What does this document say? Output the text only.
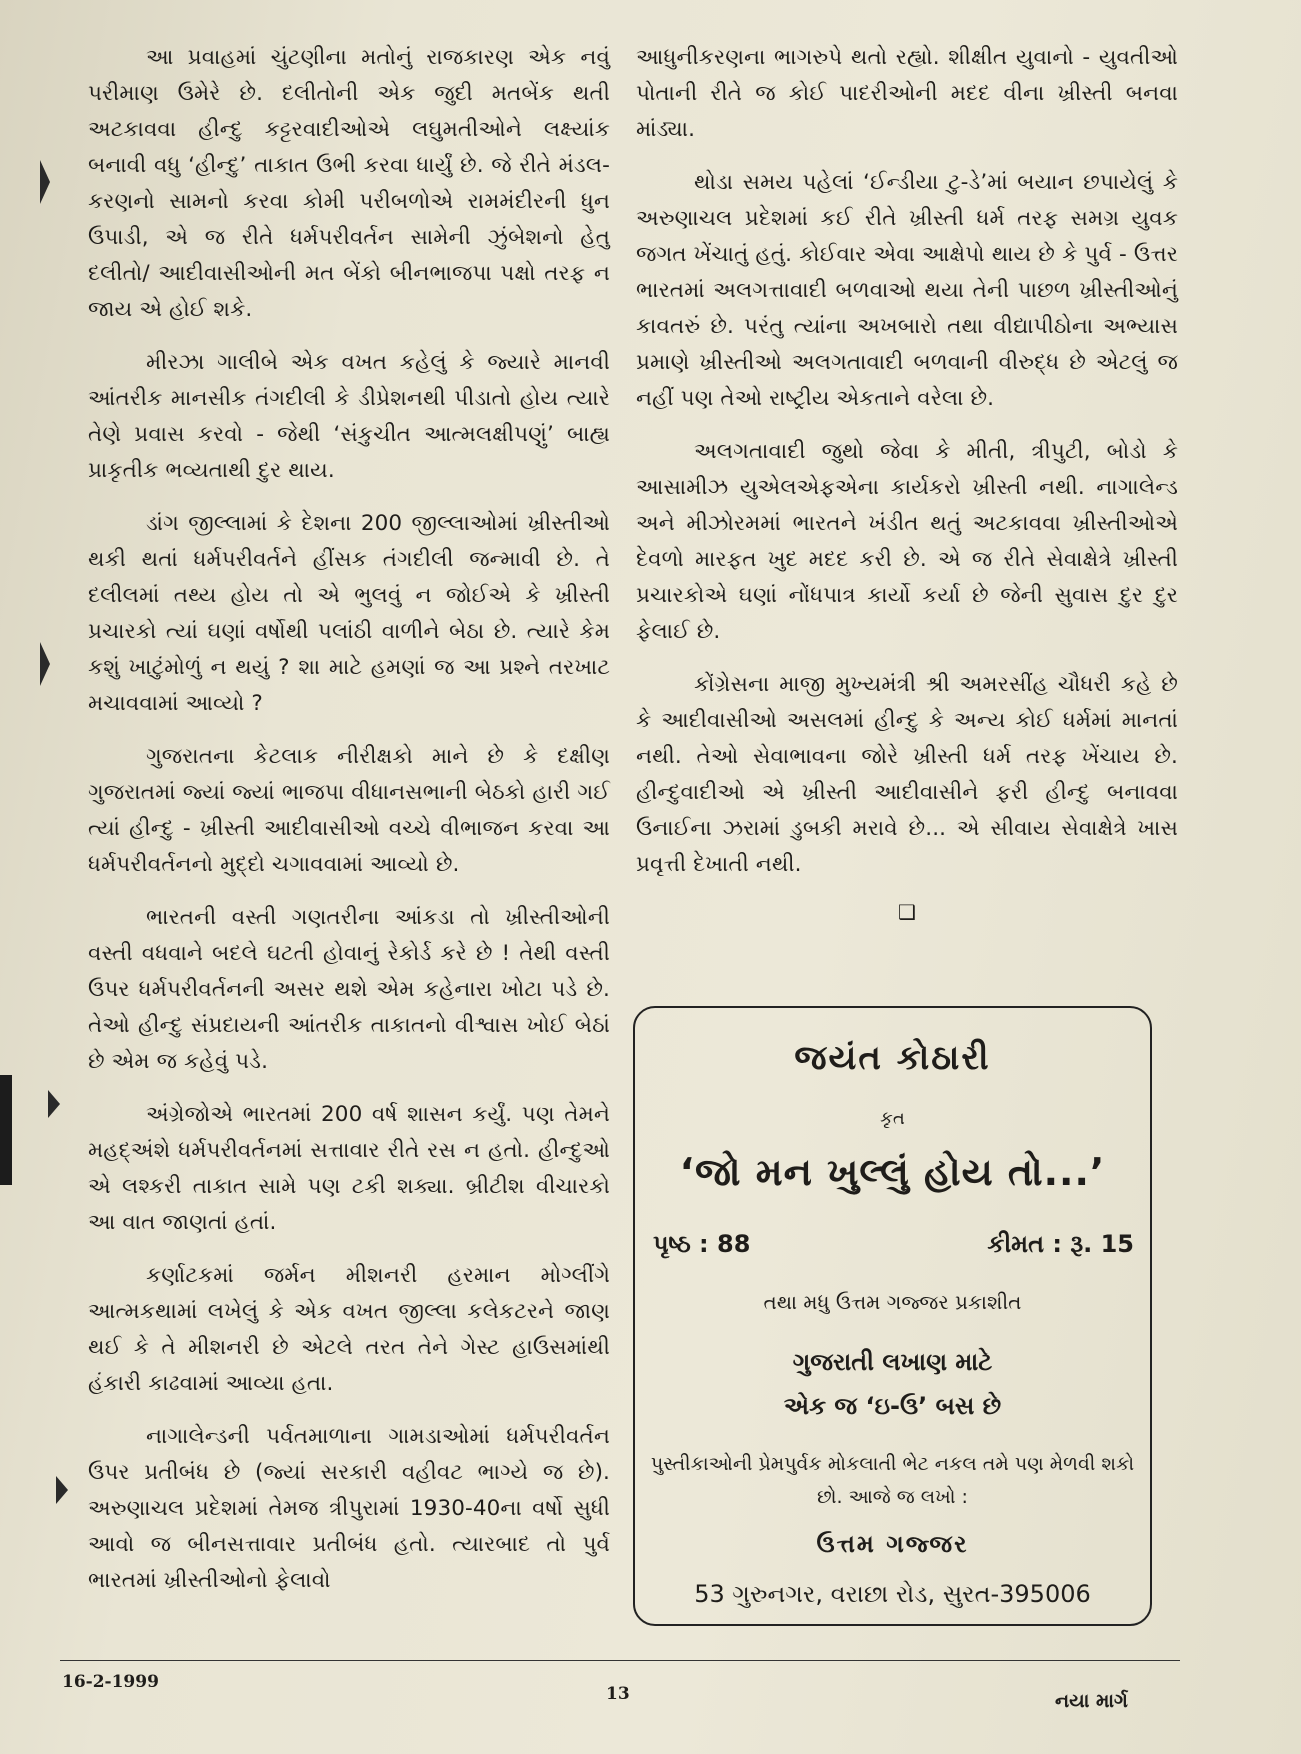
આ પ્રવાહમાં ચુંટણીના મતોનું રાજકારણ એક નવું પરીમાણ ઉમેરે છે. દલીતોની એક જુદી મતબેંક થતી અટકાવવા હીન્દુ કટ્ટરવાદીઓએ લઘુમતીઓને લક્ષ્યાંક બનાવી વધુ ‘હીન્દુ’ તાકાત ઉભી કરવા ધાર્યું છે. જે રીતે મંડલ-કરણનો સામનો કરવા કોમી પરીબળોએ રામમંદીરની ધુન ઉપાડી, એ જ રીતે ધર્મપરીવર્તન સામેની ઝુંબેશનો હેતુ દલીતો/ આદીવાસીઓની મત બેંકો બીનભાજપા પક્ષો તરફ ન જાય એ હોઈ શકે.

મીરઝા ગાલીબે એક વખત કહેલું કે જ્યારે માનવી આંતરીક માનસીક તંગદીલી કે ડીપ્રેશનથી પીડાતો હોય ત્યારે તેણે પ્રવાસ કરવો - જેથી ‘સંકુચીત આત્મલક્ષીપણું’ બાહ્ય પ્રાકૃતીક ભવ્યતાથી દુર થાય.

ડાંગ જીલ્લામાં કે દેશના 200 જીલ્લાઓમાં ખ્રીસ્તીઓ થકી થતાં ધર્મપરીવર્તને હીંસક તંગદીલી જન્માવી છે. તે દલીલમાં તથ્ય હોય તો એ ભુલવું ન જોઈએ કે ખ્રીસ્તી પ્રચારકો ત્યાં ઘણાં વર્ષોથી પલાંઠી વાળીને બેઠા છે. ત્યારે કેમ કશું ખાટુંમોળું ન થયું ? શા માટે હમણાં જ આ પ્રશ્ને તરખાટ મચાવવામાં આવ્યો ?

ગુજરાતના કેટલાક નીરીક્ષકો માને છે કે દક્ષીણ ગુજરાતમાં જ્યાં જ્યાં ભાજપા વીધાનસભાની બેઠકો હારી ગઈ ત્યાં હીન્દુ - ખ્રીસ્તી આદીવાસીઓ વચ્ચે વીભાજન કરવા આ ધર્મપરીવર્તનનો મુદ્દો ચગાવવામાં આવ્યો છે.

ભારતની વસ્તી ગણતરીના આંકડા તો ખ્રીસ્તીઓની વસ્તી વધવાને બદલે ઘટતી હોવાનું રેકોર્ડ કરે છે ! તેથી વસ્તી ઉપર ધર્મપરીવર્તનની અસર થશે એમ કહેનારા ખોટા પડે છે. તેઓ હીન્દુ સંપ્રદાયની આંતરીક તાકાતનો વીશ્વાસ ખોઈ બેઠાં છે એમ જ કહેવું પડે.

અંગ્રેજોએ ભારતમાં 200 વર્ષ શાસન કર્યું. પણ તેમને મહદ્અંશે ધર્મપરીવર્તનમાં સત્તાવાર રીતે રસ ન હતો. હીન્દુઓ એ લશ્કરી તાકાત સામે પણ ટકી શક્યા. બ્રીટીશ વીચારકો આ વાત જાણતાં હતાં.

કર્ણાટકમાં જર્મન મીશનરી હરમાન મોગ્લીંગે આત્મકથામાં લખેલું કે એક વખત જીલ્લા કલેકટરને જાણ થઈ કે તે મીશનરી છે એટલે તરત તેને ગેસ્ટ હાઉસમાંથી હંકારી કાઢવામાં આવ્યા હતા.

નાગાલેન્ડની પર્વતમાળાના ગામડાઓમાં ધર્મપરીવર્તન ઉપર પ્રતીબંધ છે (જ્યાં સરકારી વહીવટ ભાગ્યે જ છે). અરુણાચલ પ્રદેશમાં તેમજ ત્રીપુરામાં 1930-40ના વર્ષો સુધી આવો જ બીનસત્તાવાર પ્રતીબંધ હતો. ત્યારબાદ તો પુર્વ ભારતમાં ખ્રીસ્તીઓનો ફેલાવો

આધુનીકરણના ભાગરુપે થતો રહ્યો. શીક્ષીત યુવાનો - યુવતીઓ પોતાની રીતે જ કોઈ પાદરીઓની મદદ વીના ખ્રીસ્તી બનવા માંડ્યા.

થોડા સમય પહેલાં ‘ઈન્ડીયા ટુ-ડે’માં બયાન છપાયેલું કે અરુણાચલ પ્રદેશમાં કઈ રીતે ખ્રીસ્તી ધર્મ તરફ સમગ્ર યુવક જગત ખેંચાતું હતું. કોઈવાર એવા આક્ષેપો થાય છે કે પુર્વ - ઉત્તર ભારતમાં અલગત્તાવાદી બળવાઓ થયા તેની પાછળ ખ્રીસ્તીઓનું કાવતરું છે. પરંતુ ત્યાંના અખબારો તથા વીદ્યાપીઠોના અભ્યાસ પ્રમાણે ખ્રીસ્તીઓ અલગતાવાદી બળવાની વીરુદ્ધ છે એટલું જ નહીં પણ તેઓ રાષ્ટ્રીય એકતાને વરેલા છે.

અલગતાવાદી જુથો જેવા કે મીતી, ત્રીપુટી, બોડો કે આસામીઝ યુએલએફએના કાર્યકરો ખ્રીસ્તી નથી. નાગાલેન્ડ અને મીઝોરમમાં ભારતને ખંડીત થતું અટકાવવા ખ્રીસ્તીઓએ દેવળો મારફત ખુદ મદદ કરી છે. એ જ રીતે સેવાક્ષેત્રે ખ્રીસ્તી પ્રચારકોએ ઘણાં નોંધપાત્ર કાર્યો કર્યા છે જેની સુવાસ દુર દુર ફેલાઈ છે.

કોંગ્રેસના માજી મુખ્યમંત્રી શ્રી અમરસીંહ ચૌધરી કહે છે કે આદીવાસીઓ અસલમાં હીન્દુ કે અન્ય કોઈ ધર્મમાં માનતાં નથી. તેઓ સેવાભાવના જોરે ખ્રીસ્તી ધર્મ તરફ ખેંચાય છે. હીન્દુવાદીઓ એ ખ્રીસ્તી આદીવાસીને ફરી હીન્દુ બનાવવા ઉનાઈના ઝરામાં ડુબકી મરાવે છે... એ સીવાય સેવાક્ષેત્રે ખાસ પ્રવૃત્તી દેખાતી નથી.

❑
જયંત કોઠારી
કૃત
‘જો મન ખુલ્લું હોય તો...’
પૃષ્ઠ : 88	કીમત : રૂ. 15
તથા મધુ ઉત્તમ ગજ્જર પ્રકાશીત
ગુજરાતી લખાણ માટે
એક જ ‘ઇ-ઉ’ બસ છે
પુસ્તીકાઓની પ્રેમપુર્વક મોકલાતી ભેટ નકલ તમે પણ મેળવી શકો છો. આજે જ લખો :
ઉત્તમ ગજ્જર
53 ગુરુનગર, વરાછા રોડ, સુરત-395006
16-2-1999
13	નયા માર્ગ
